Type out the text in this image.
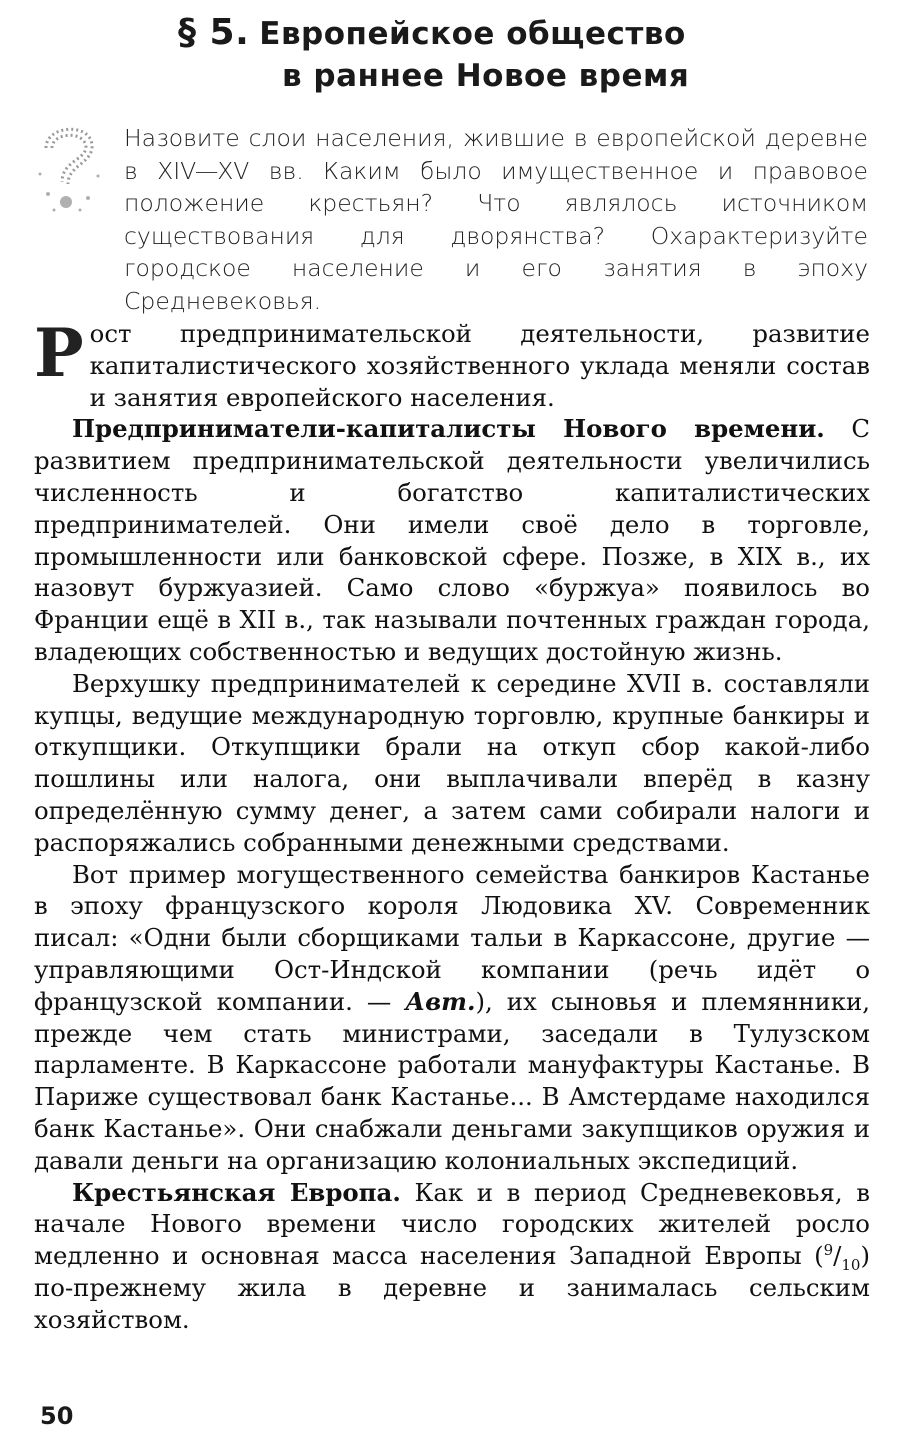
§ 5. Европейское общество
в раннее Новое время
Назовите слои населения, жившие в европейской деревне в XIV—XV вв. Каким было имущественное и правовое положение крестьян? Что являлось источником существования для дворянства? Охарактеризуйте городское население и его занятия в эпоху Средневековья.

Рост предпринимательской деятельности, развитие капиталистического хозяйственного уклада меняли состав и занятия европейского населения.

Предприниматели-капиталисты Нового времени. С развитием предпринимательской деятельности увеличились численность и богатство капиталистических предпринимателей. Они имели своё дело в торговле, промышленности или банковской сфере. Позже, в XIX в., их назовут буржуазией. Само слово «буржуа» появилось во Франции ещё в XII в., так называли почтенных граждан города, владеющих собственностью и ведущих достойную жизнь.

Верхушку предпринимателей к середине XVII в. составляли купцы, ведущие международную торговлю, крупные банкиры и откупщики. Откупщики брали на откуп сбор какой-либо пошлины или налога, они выплачивали вперёд в казну определённую сумму денег, а затем сами собирали налоги и распоряжались собранными денежными средствами.

Вот пример могущественного семейства банкиров Кастанье в эпоху французского короля Людовика XV. Современник писал: «Одни были сборщиками тальи в Каркассоне, другие — управляющими Ост-Индской компании (речь идёт о французской компании. — Авт.), их сыновья и племянники, прежде чем стать министрами, заседали в Тулузском парламенте. В Каркассоне работали мануфактуры Кастанье. В Париже существовал банк Кастанье... В Амстердаме находился банк Кастанье». Они снабжали деньгами закупщиков оружия и давали деньги на организацию колониальных экспедиций.

Крестьянская Европа. Как и в период Средневековья, в начале Нового времени число городских жителей росло медленно и основная масса населения Западной Европы $(^9/_{10})$ по-прежнему жила в деревне и занималась сельским хозяйством.

50
